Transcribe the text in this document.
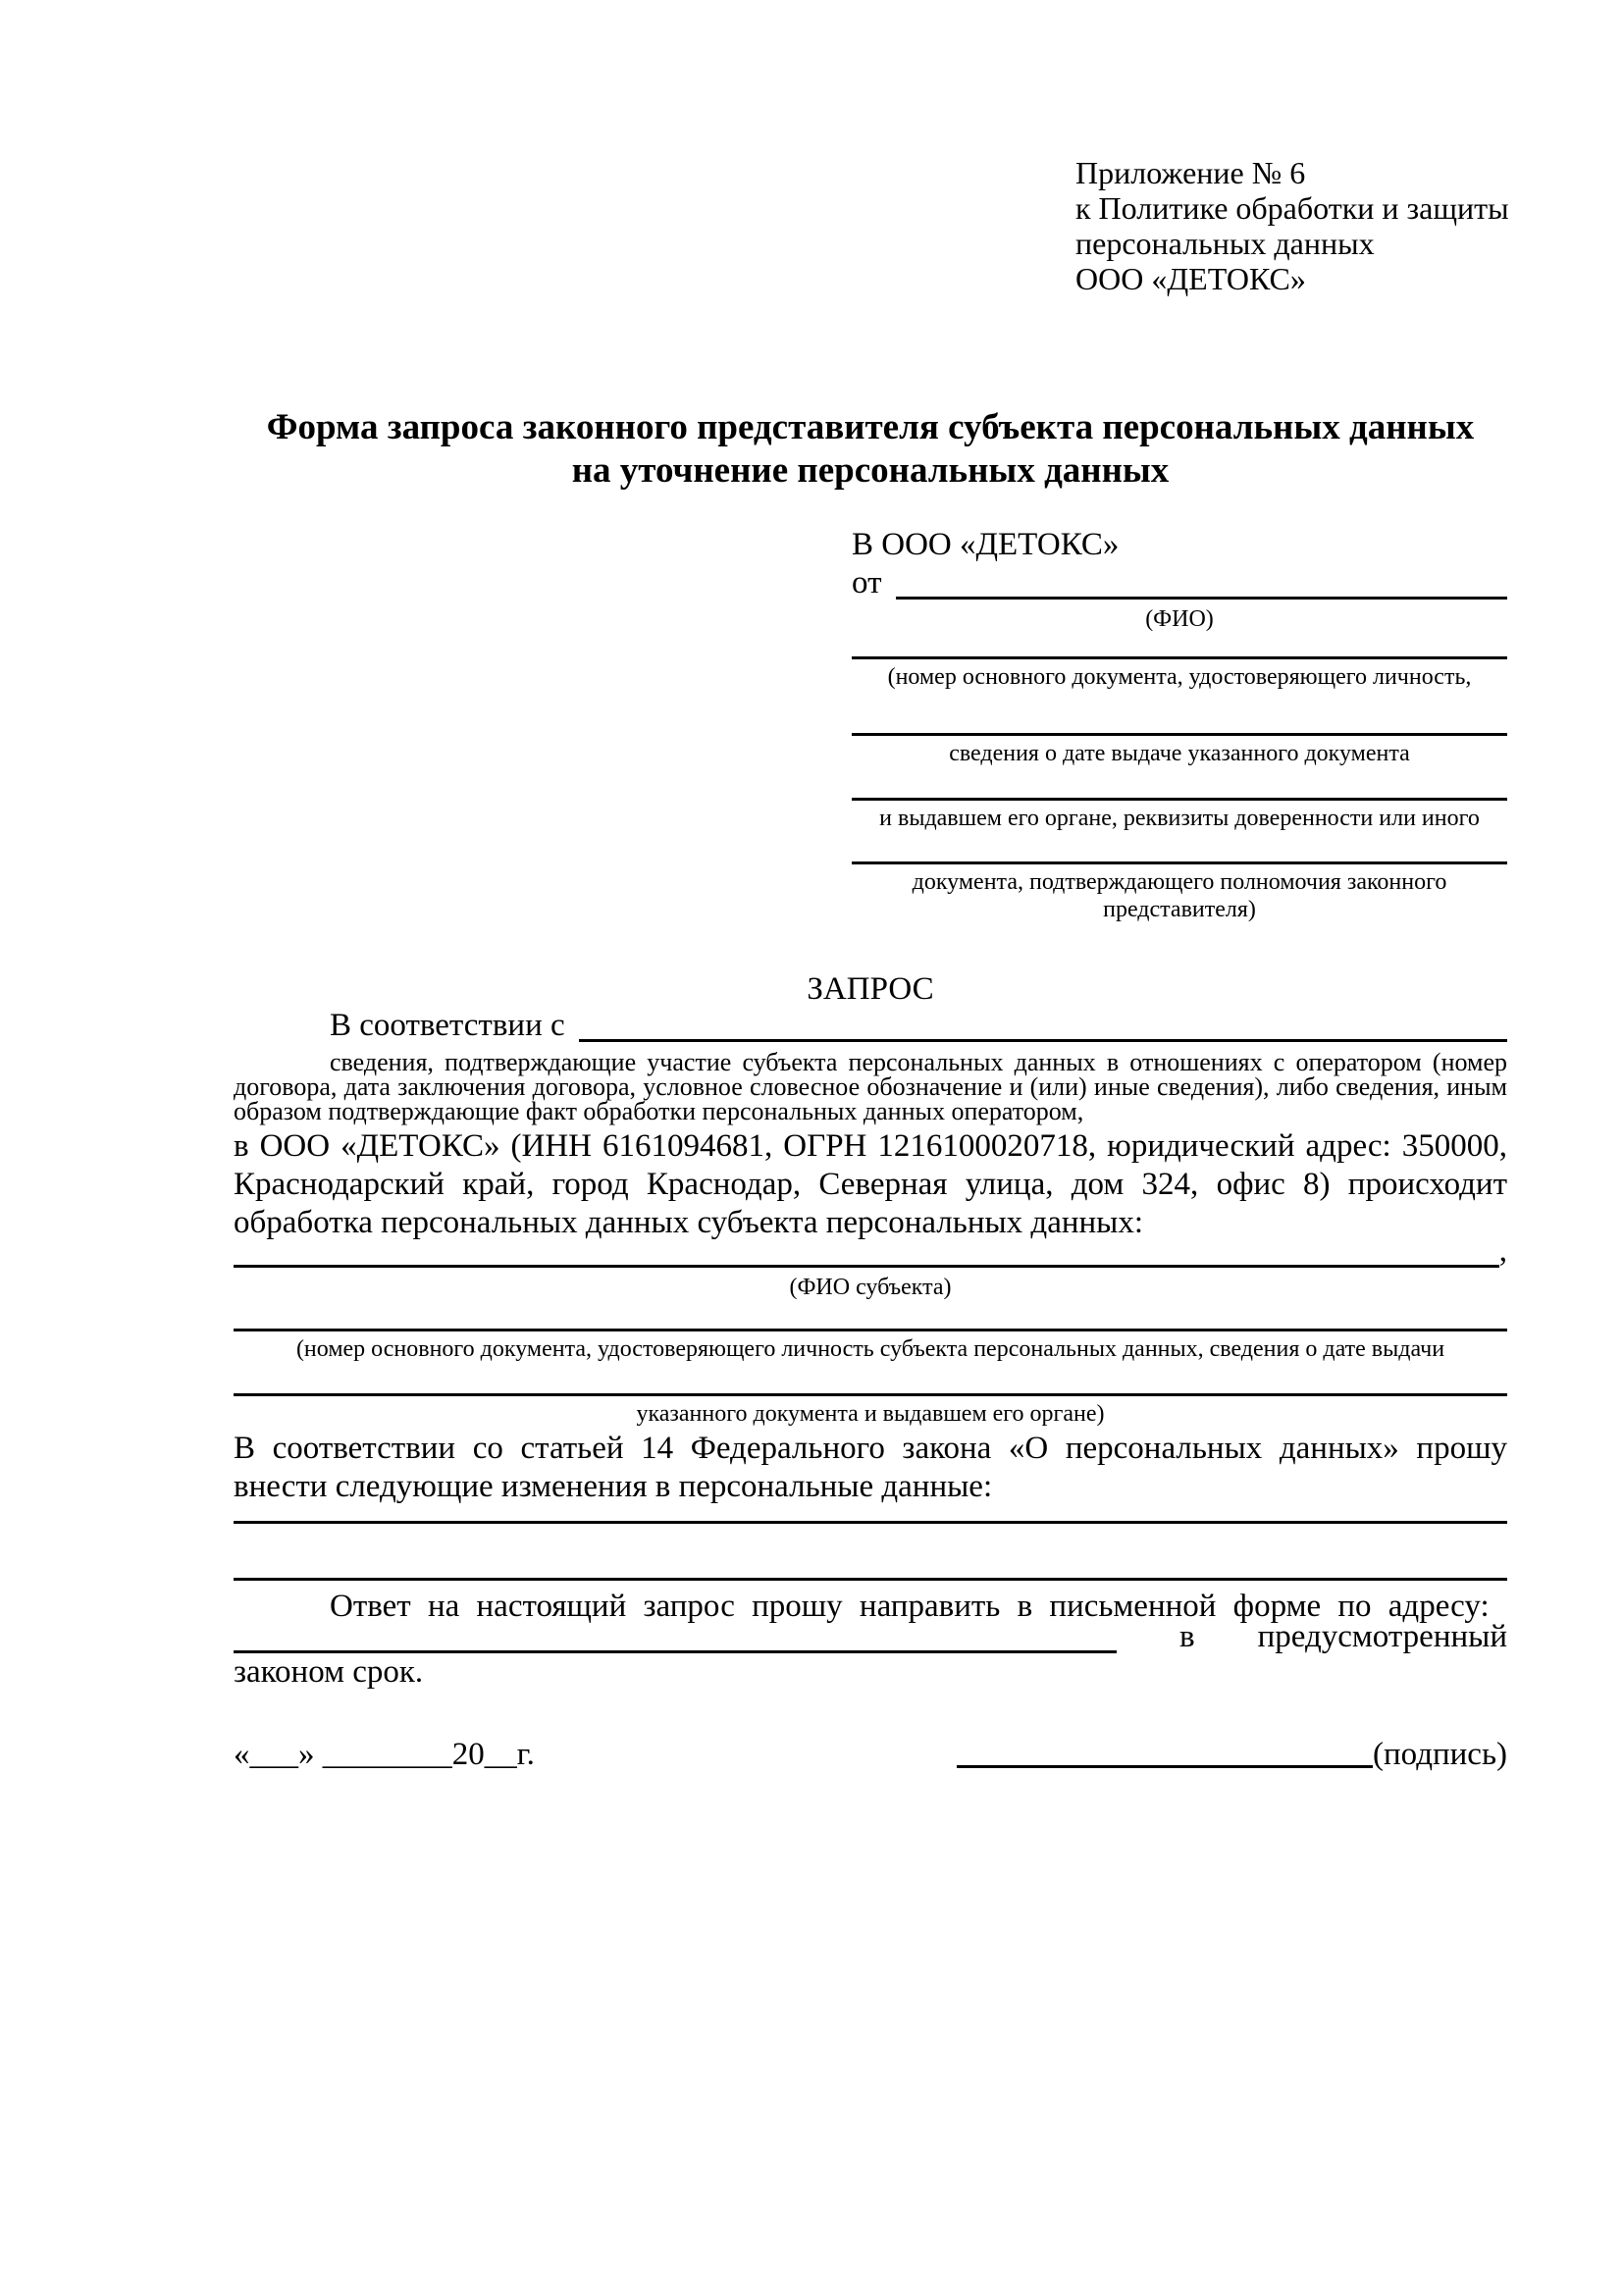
Приложение № 6
к Политике обработки и защиты
персональных данных
ООО «ДЕТОКС»
Форма запроса законного представителя субъекта персональных данных
на уточнение персональных данных
В ООО «ДЕТОКС»
от
(ФИО)
(номер основного документа, удостоверяющего личность,
сведения о дате выдаче указанного документа
и выдавшем его органе, реквизиты доверенности или иного
документа, подтверждающего полномочия законного представителя)
ЗАПРОС
В соответствии с

сведения, подтверждающие участие субъекта персональных данных в отношениях с оператором (номер договора, дата заключения договора, условное словесное обозначение и (или) иные сведения), либо сведения, иным образом подтверждающие факт обработки персональных данных оператором,

в ООО «ДЕТОКС» (ИНН 6161094681, ОГРН 1216100020718, юридический адрес: 350000, Краснодарский край, город Краснодар, Северная улица, дом 324, офис 8) происходит обработка персональных данных субъекта персональных данных:

,
(ФИО субъекта)
(номер основного документа, удостоверяющего личность субъекта персональных данных, сведения о дате выдачи
указанного документа и выдавшем его органе)

В соответствии со статьей 14 Федерального закона «О персональных данных» прошу внести следующие изменения в персональные данные:

Ответ на настоящий запрос прошу направить в письменной форме по адресу:

в предусмотренный

законом срок.

«___» ________20__г.	(подпись)
